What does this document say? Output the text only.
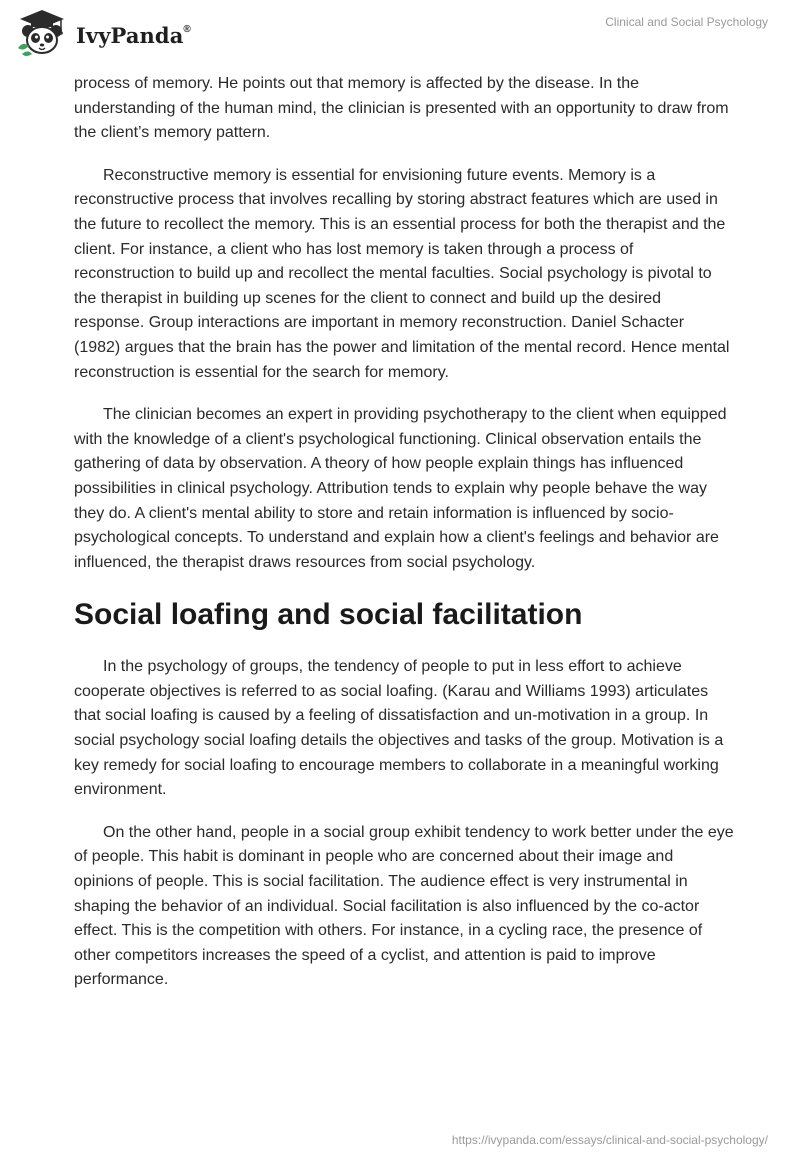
IvyPanda®	Clinical and Social Psychology

process of memory. He points out that memory is affected by the disease. In the understanding of the human mind, the clinician is presented with an opportunity to draw from the client’s memory pattern.

Reconstructive memory is essential for envisioning future events. Memory is a reconstructive process that involves recalling by storing abstract features which are used in the future to recollect the memory. This is an essential process for both the therapist and the client. For instance, a client who has lost memory is taken through a process of reconstruction to build up and recollect the mental faculties. Social psychology is pivotal to the therapist in building up scenes for the client to connect and build up the desired response. Group interactions are important in memory reconstruction. Daniel Schacter (1982) argues that the brain has the power and limitation of the mental record. Hence mental reconstruction is essential for the search for memory.

The clinician becomes an expert in providing psychotherapy to the client when equipped with the knowledge of a client's psychological functioning. Clinical observation entails the gathering of data by observation. A theory of how people explain things has influenced possibilities in clinical psychology. Attribution tends to explain why people behave the way they do. A client's mental ability to store and retain information is influenced by socio-psychological concepts. To understand and explain how a client's feelings and behavior are influenced, the therapist draws resources from social psychology.

Social loafing and social facilitation

In the psychology of groups, the tendency of people to put in less effort to achieve cooperate objectives is referred to as social loafing. (Karau and Williams 1993) articulates that social loafing is caused by a feeling of dissatisfaction and un-motivation in a group. In social psychology social loafing details the objectives and tasks of the group. Motivation is a key remedy for social loafing to encourage members to collaborate in a meaningful working environment.

On the other hand, people in a social group exhibit tendency to work better under the eye of people. This habit is dominant in people who are concerned about their image and opinions of people. This is social facilitation. The audience effect is very instrumental in shaping the behavior of an individual. Social facilitation is also influenced by the co-actor effect. This is the competition with others. For instance, in a cycling race, the presence of other competitors increases the speed of a cyclist, and attention is paid to improve performance.

https://ivypanda.com/essays/clinical-and-social-psychology/
